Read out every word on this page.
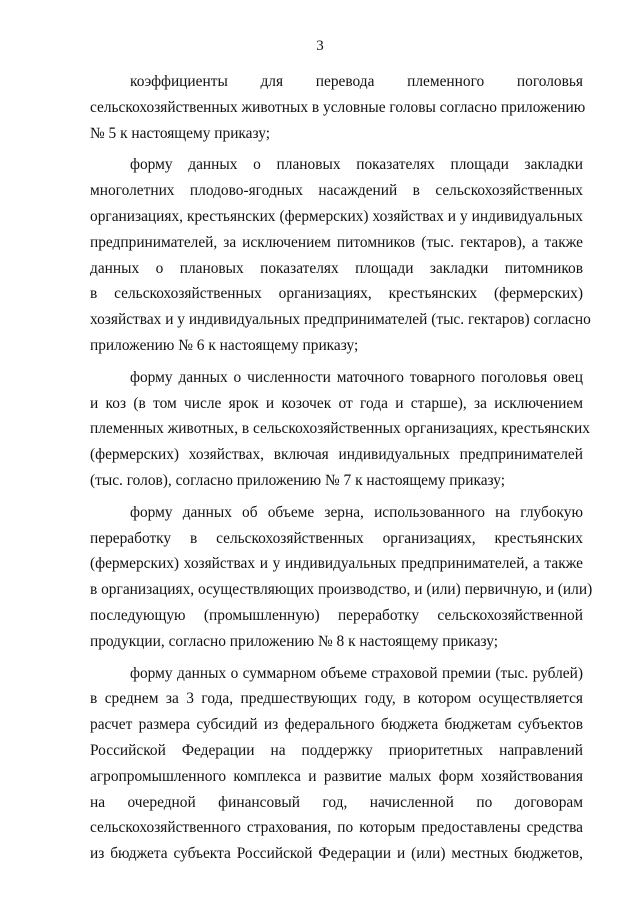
3

коэффициенты для перевода племенного поголовья
сельскохозяйственных животных в условные головы согласно приложению
№ 5 к настоящему приказу;

форму данных о плановых показателях площади закладки
многолетних плодово-ягодных насаждений в сельскохозяйственных
организациях, крестьянских (фермерских) хозяйствах и у индивидуальных
предпринимателей, за исключением питомников (тыс. гектаров), а также
данных о плановых показателях площади закладки питомников
в сельскохозяйственных организациях, крестьянских (фермерских)
хозяйствах и у индивидуальных предпринимателей (тыс. гектаров) согласно
приложению № 6 к настоящему приказу;

форму данных о численности маточного товарного поголовья овец
и коз (в том числе ярок и козочек от года и старше), за исключением
племенных животных, в сельскохозяйственных организациях, крестьянских
(фермерских) хозяйствах, включая индивидуальных предпринимателей
(тыс. голов), согласно приложению № 7 к настоящему приказу;

форму данных об объеме зерна, использованного на глубокую
переработку в сельскохозяйственных организациях, крестьянских
(фермерских) хозяйствах и у индивидуальных предпринимателей, а также
в организациях, осуществляющих производство, и (или) первичную, и (или)
последующую (промышленную) переработку сельскохозяйственной
продукции, согласно приложению № 8 к настоящему приказу;

форму данных о суммарном объеме страховой премии (тыс. рублей)
в среднем за 3 года, предшествующих году, в котором осуществляется
расчет размера субсидий из федерального бюджета бюджетам субъектов
Российской Федерации на поддержку приоритетных направлений
агропромышленного комплекса и развитие малых форм хозяйствования
на очередной финансовый год, начисленной по договорам
сельскохозяйственного страхования, по которым предоставлены средства
из бюджета субъекта Российской Федерации и (или) местных бюджетов,
